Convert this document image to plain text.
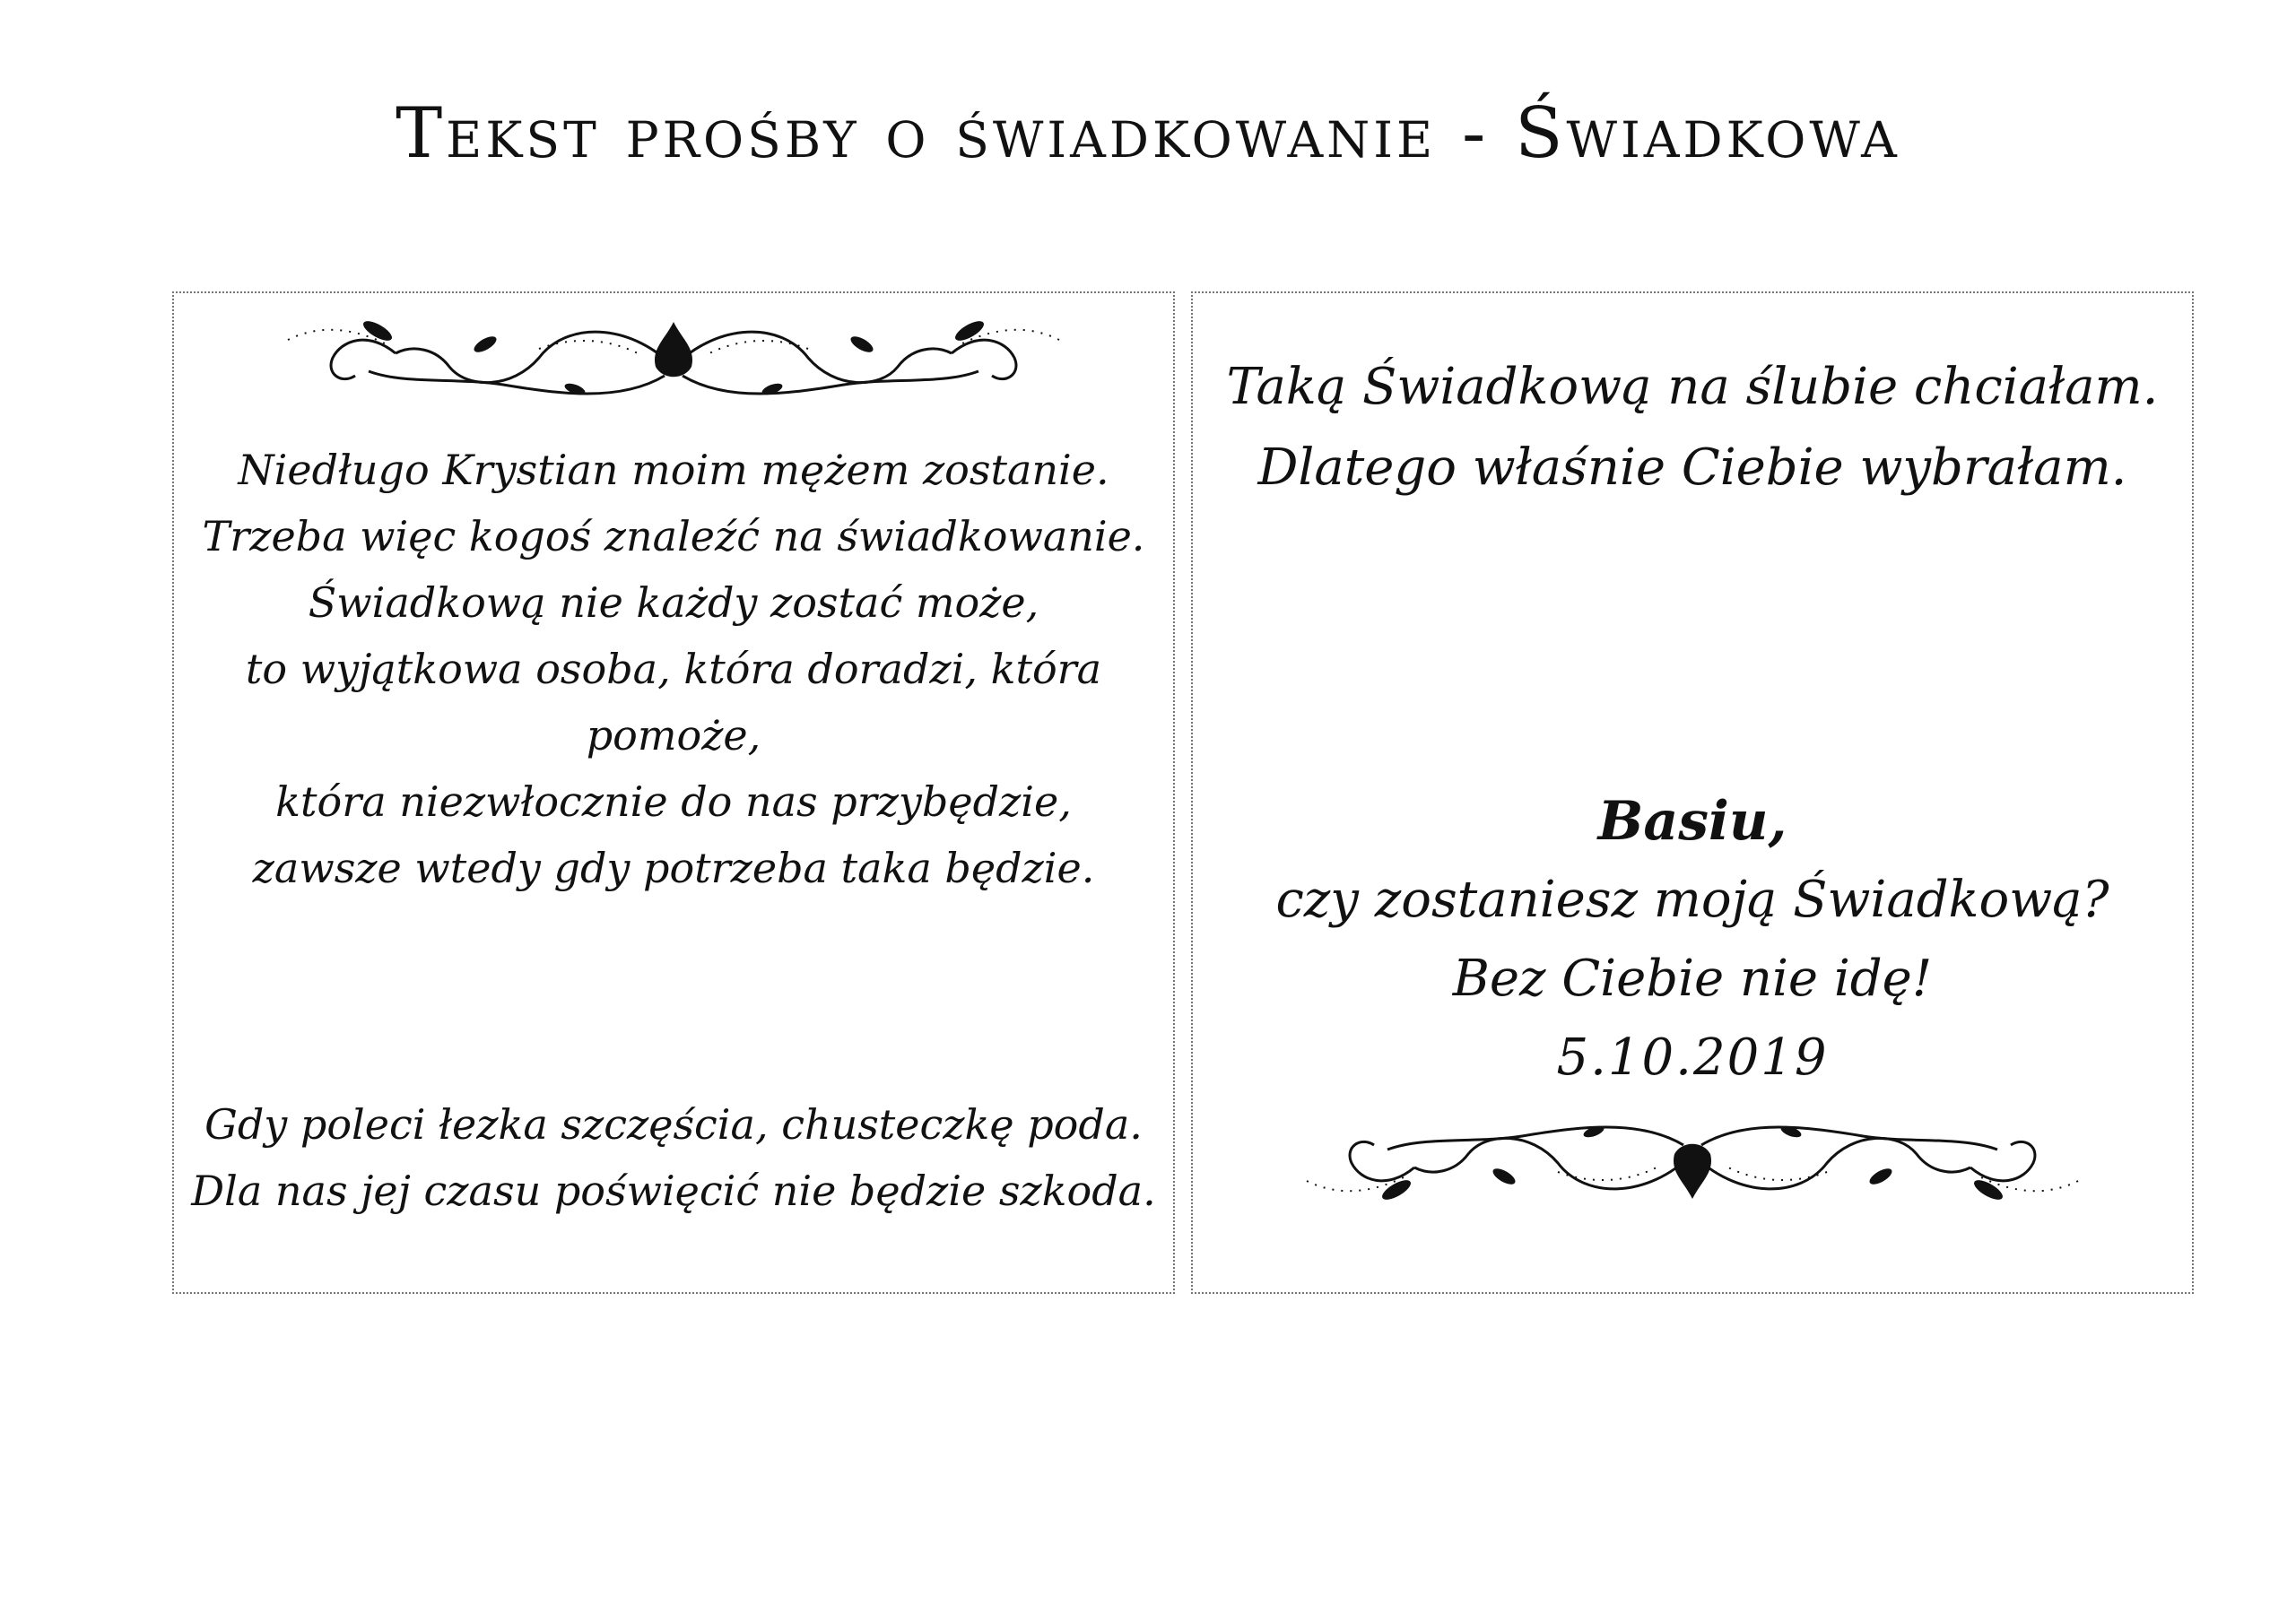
Tekst prośby o świadkowanie - Świadkowa
Niedługo Krystian moim mężem zostanie.
Trzeba więc kogoś znaleźć na świadkowanie.
Świadkową nie każdy zostać może,
to wyjątkowa osoba, która doradzi, która pomoże,
która niezwłocznie do nas przybędzie,
zawsze wtedy gdy potrzeba taka będzie.
Gdy poleci łezka szczęścia, chusteczkę poda.
Dla nas jej czasu poświęcić nie będzie szkoda.
Taką Świadkową na ślubie chciałam.
Dlatego właśnie Ciebie wybrałam.
Basiu,
czy zostaniesz moją Świadkową?
Bez Ciebie nie idę!
5.10.2019
